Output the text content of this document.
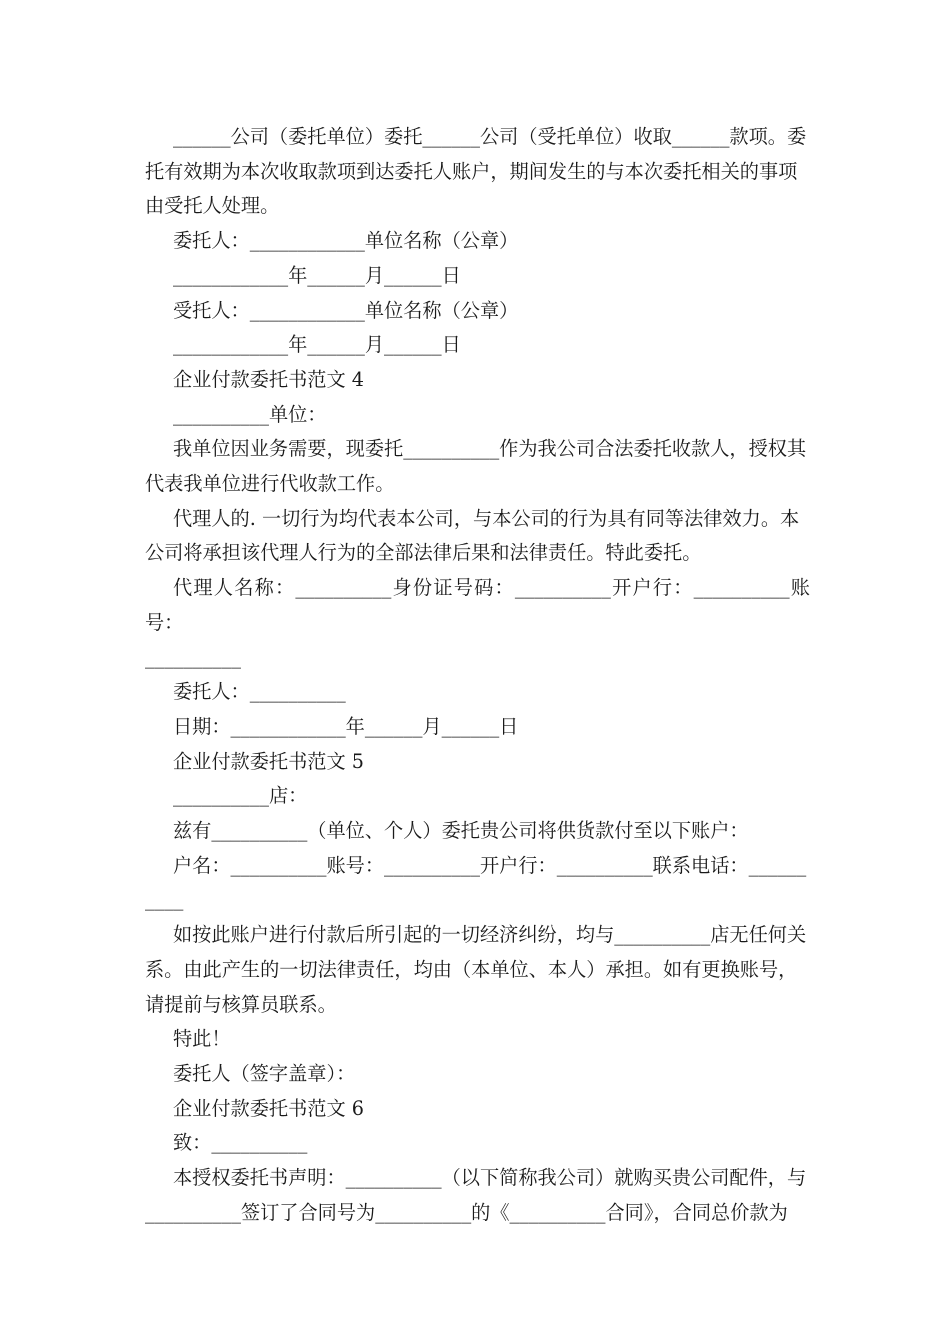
______公司（委托单位）委托______公司（受托单位）收取______款项。委

托有效期为本次收取款项到达委托人账户，期间发生的与本次委托相关的事项

由受托人处理。

委托人：____________单位名称（公章）

____________年______月______日

受托人：____________单位名称（公章）

____________年______月______日

企业付款委托书范文 4

__________单位：

我单位因业务需要，现委托__________作为我公司合法委托收款人，授权其

代表我单位进行代收款工作。

代理人的. 一切行为均代表本公司，与本公司的行为具有同等法律效力。本

公司将承担该代理人行为的全部法律后果和法律责任。特此委托。

代理人名称：__________身份证号码：__________开户行：__________账号：

__________

委托人：__________

日期：____________年______月______日

企业付款委托书范文 5

__________店：

兹有__________（单位、个人）委托贵公司将供货款付至以下账户：

户名：__________账号：__________开户行：__________联系电话：______

____

如按此账户进行付款后所引起的一切经济纠纷，均与__________店无任何关

系。由此产生的一切法律责任，均由（本单位、本人）承担。如有更换账号，

请提前与核算员联系。

特此！

委托人（签字盖章）：

企业付款委托书范文 6

致：__________

本授权委托书声明：__________（以下简称我公司）就购买贵公司配件，与

__________签订了合同号为__________的《__________合同》，合同总价款为
